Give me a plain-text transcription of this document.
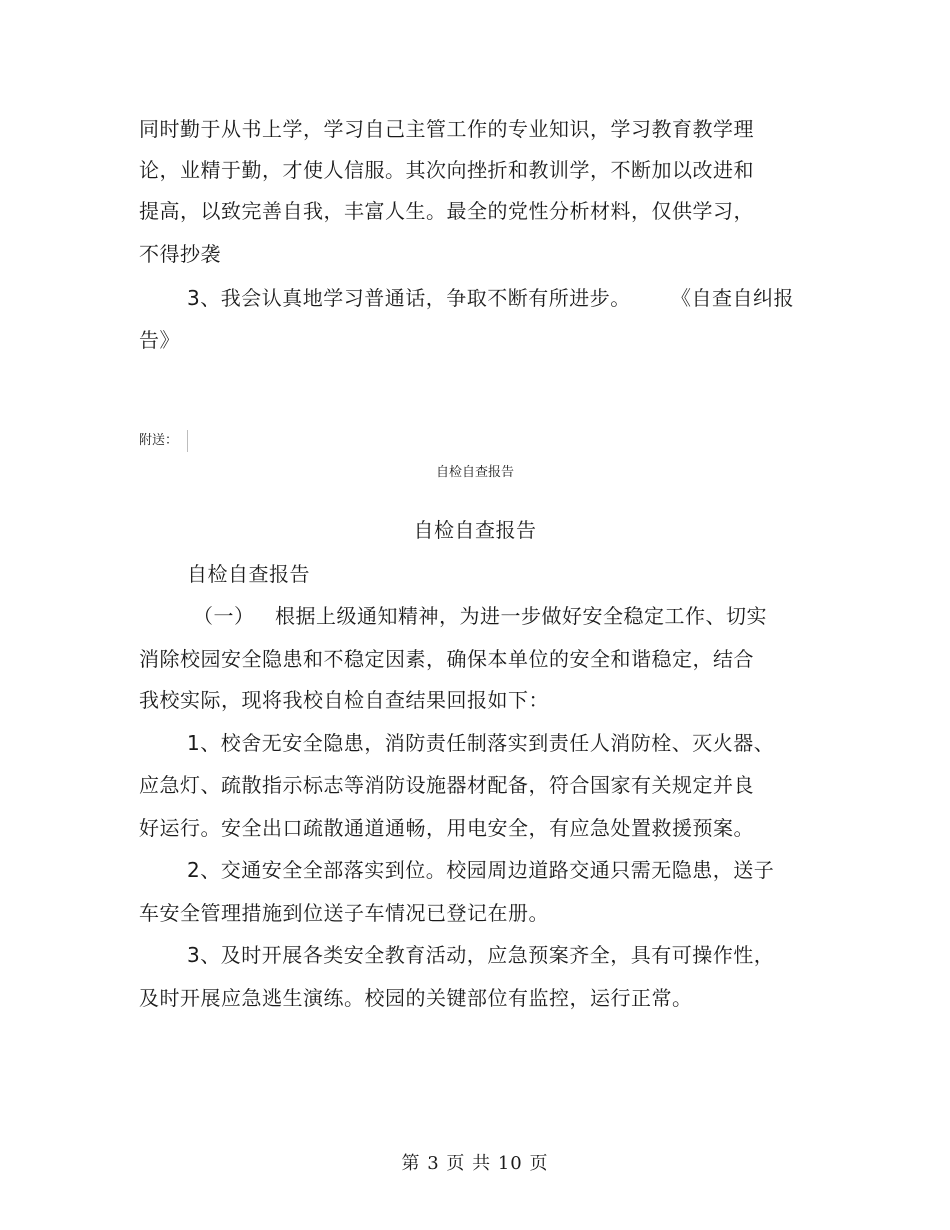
同时勤于从书上学，学习自己主管工作的专业知识，学习教育教学理
论，业精于勤，才使人信服。其次向挫折和教训学，不断加以改进和
提高，以致完善自我，丰富人生。最全的党性分析材料，仅供学习，
不得抄袭
3、我会认真地学习普通话，争取不断有所进步。 《自查自纠报
告》
附送：
自检自查报告
自检自查报告
自检自查报告
（一） 根据上级通知精神，为进一步做好安全稳定工作、切实
消除校园安全隐患和不稳定因素，确保本单位的安全和谐稳定，结合
我校实际，现将我校自检自查结果回报如下：
1、校舍无安全隐患，消防责任制落实到责任人消防栓、灭火器、
应急灯、疏散指示标志等消防设施器材配备，符合国家有关规定并良
好运行。安全出口疏散通道通畅，用电安全，有应急处置救援预案。
2、交通安全全部落实到位。校园周边道路交通只需无隐患，送子
车安全管理措施到位送子车情况已登记在册。
3、及时开展各类安全教育活动，应急预案齐全，具有可操作性，
及时开展应急逃生演练。校园的关键部位有监控，运行正常。
第 3 页 共 10 页
